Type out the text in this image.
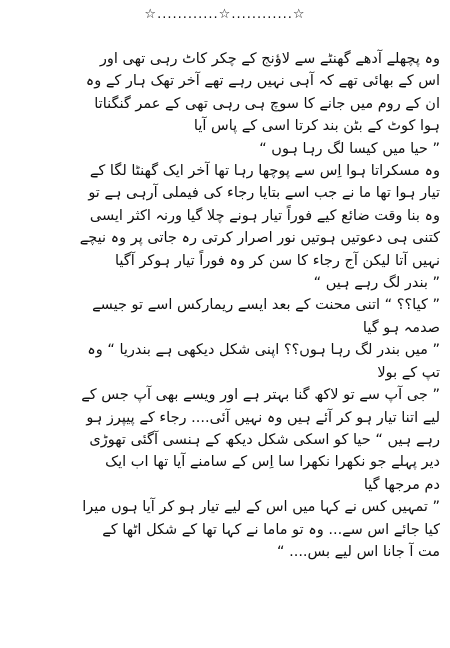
☆............☆............☆
وہ پچھلے آدھے گھنٹے سے لاؤنج کے چکر کاٹ رہی تھی اور
اس کے بھائی تھے کہ آہی نہیں رہے تھے آخر تھک ہار کے وہ
ان کے روم میں جانے کا سوچ ہی رہی تھی کے عمر گنگناتا
ہوا کوٹ کے بٹن بند کرتا اسی کے پاس آیا
” حیا میں کیسا لگ رہا ہوں “
وہ مسکراتا ہوا اِس سے پوچھا رہا تھا آخر ایک گھنٹا لگا کے
تیار ہوا تھا ما نے جب اسے بتایا رجاء کی فیملی آرہی ہے تو
وہ بنا وقت ضائع کیے فوراً تیار ہونے چلا گیا ورنہ اکثر ایسی
کتنی ہی دعوتیں ہوتیں نور اصرار کرتی رہ جاتی پر وہ نیچے
نہیں آتا لیکن آج رجاء کا سن کر وہ فوراً تیار ہوکر آگیا
” بندر لگ رہے ہیں “
” کیا؟؟ “ اتنی محنت کے بعد ایسے ریمارکس اسے تو جیسے
صدمہ ہو گیا
” میں بندر لگ رہا ہوں؟؟ اپنی شکل دیکھی ہے بندریا “ وہ
تپ کے بولا
” جی آپ سے تو لاکھ گنا بہتر ہے اور ویسے بھی آپ جس کے
لیے اتنا تیار ہو کر آئے ہیں وہ نہیں آئی.... رجاء کے پیپرز ہو
رہے ہیں “ حیا کو اسکی شکل دیکھ کے ہنسی آگئی تھوڑی
دیر پہلے جو نکھرا نکھرا سا اِس کے سامنے آیا تھا اب ایک
دم مرجھا گیا
” تمہیں کس نے کہا میں اس کے لیے تیار ہو کر آیا ہوں میرا
کیا جائے اس سے... وہ تو ماما نے کہا تھا کے شکل اٹھا کے
مت آ جانا اس لیے بس.... “
